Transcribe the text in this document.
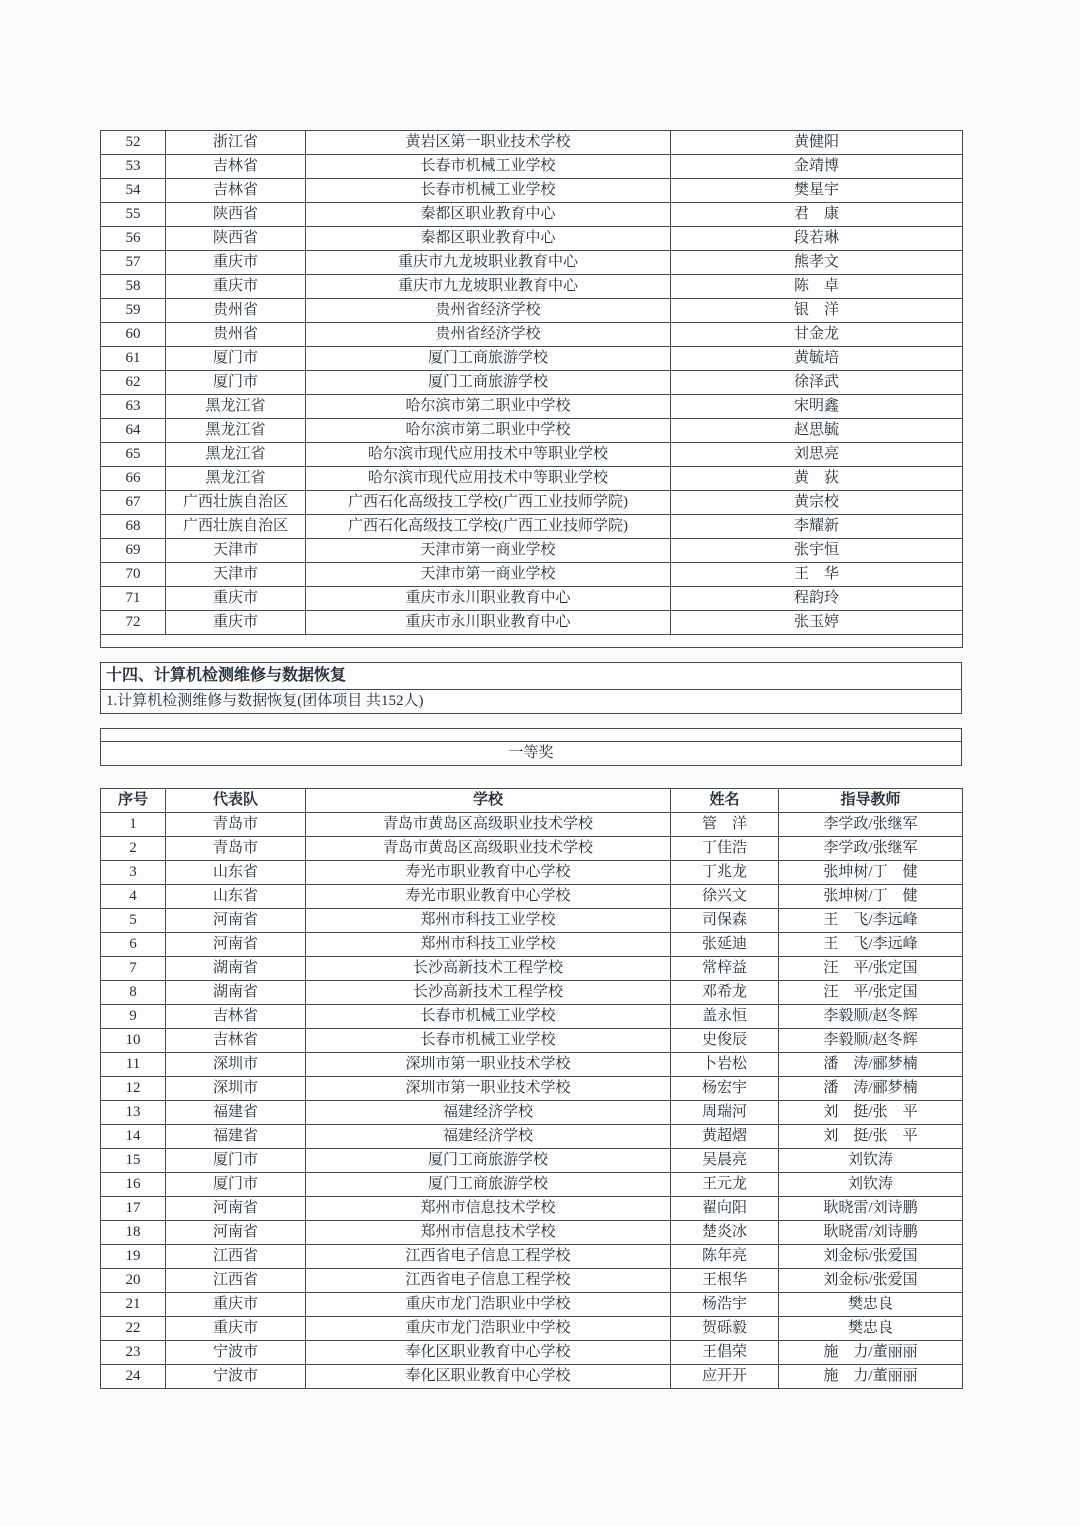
52	浙江省	黄岩区第一职业技术学校	黄健阳
53	吉林省	长春市机械工业学校	金靖博
54	吉林省	长春市机械工业学校	樊星宇
55	陕西省	秦都区职业教育中心	君　康
56	陕西省	秦都区职业教育中心	段若琳
57	重庆市	重庆市九龙坡职业教育中心	熊孝文
58	重庆市	重庆市九龙坡职业教育中心	陈　卓
59	贵州省	贵州省经济学校	银　洋
60	贵州省	贵州省经济学校	甘金龙
61	厦门市	厦门工商旅游学校	黄毓培
62	厦门市	厦门工商旅游学校	徐泽武
63	黑龙江省	哈尔滨市第二职业中学校	宋明鑫
64	黑龙江省	哈尔滨市第二职业中学校	赵思毓
65	黑龙江省	哈尔滨市现代应用技术中等职业学校	刘思亮
66	黑龙江省	哈尔滨市现代应用技术中等职业学校	黄　荻
67	广西壮族自治区	广西石化高级技工学校(广西工业技师学院)	黄宗校
68	广西壮族自治区	广西石化高级技工学校(广西工业技师学院)	李耀新
69	天津市	天津市第一商业学校	张宇恒
70	天津市	天津市第一商业学校	王　华
71	重庆市	重庆市永川职业教育中心	程韵玲
72	重庆市	重庆市永川职业教育中心	张玉婷

十四、计算机检测维修与数据恢复
1.计算机检测维修与数据恢复(团体项目 共152人)

一等奖
序号	代表队	学校	姓名	指导教师
1	青岛市	青岛市黄岛区高级职业技术学校	管　洋	李学政/张继军
2	青岛市	青岛市黄岛区高级职业技术学校	丁佳浩	李学政/张继军
3	山东省	寿光市职业教育中心学校	丁兆龙	张坤树/丁　健
4	山东省	寿光市职业教育中心学校	徐兴文	张坤树/丁　健
5	河南省	郑州市科技工业学校	司保森	王　飞/李远峰
6	河南省	郑州市科技工业学校	张延迪	王　飞/李远峰
7	湖南省	长沙高新技术工程学校	常梓益	汪　平/张定国
8	湖南省	长沙高新技术工程学校	邓希龙	汪　平/张定国
9	吉林省	长春市机械工业学校	盖永恒	李毅顺/赵冬辉
10	吉林省	长春市机械工业学校	史俊辰	李毅顺/赵冬辉
11	深圳市	深圳市第一职业技术学校	卜岩松	潘　涛/郦梦楠
12	深圳市	深圳市第一职业技术学校	杨宏宇	潘　涛/郦梦楠
13	福建省	福建经济学校	周瑞河	刘　挺/张　平
14	福建省	福建经济学校	黄超熠	刘　挺/张　平
15	厦门市	厦门工商旅游学校	吴晨亮	刘钦涛
16	厦门市	厦门工商旅游学校	王元龙	刘钦涛
17	河南省	郑州市信息技术学校	翟向阳	耿晓雷/刘诗鹏
18	河南省	郑州市信息技术学校	楚炎冰	耿晓雷/刘诗鹏
19	江西省	江西省电子信息工程学校	陈年亮	刘金标/张爱国
20	江西省	江西省电子信息工程学校	王根华	刘金标/张爱国
21	重庆市	重庆市龙门浩职业中学校	杨浩宇	樊忠良
22	重庆市	重庆市龙门浩职业中学校	贺砾毅	樊忠良
23	宁波市	奉化区职业教育中心学校	王倡荣	施　力/董丽丽
24	宁波市	奉化区职业教育中心学校	应开开	施　力/董丽丽
